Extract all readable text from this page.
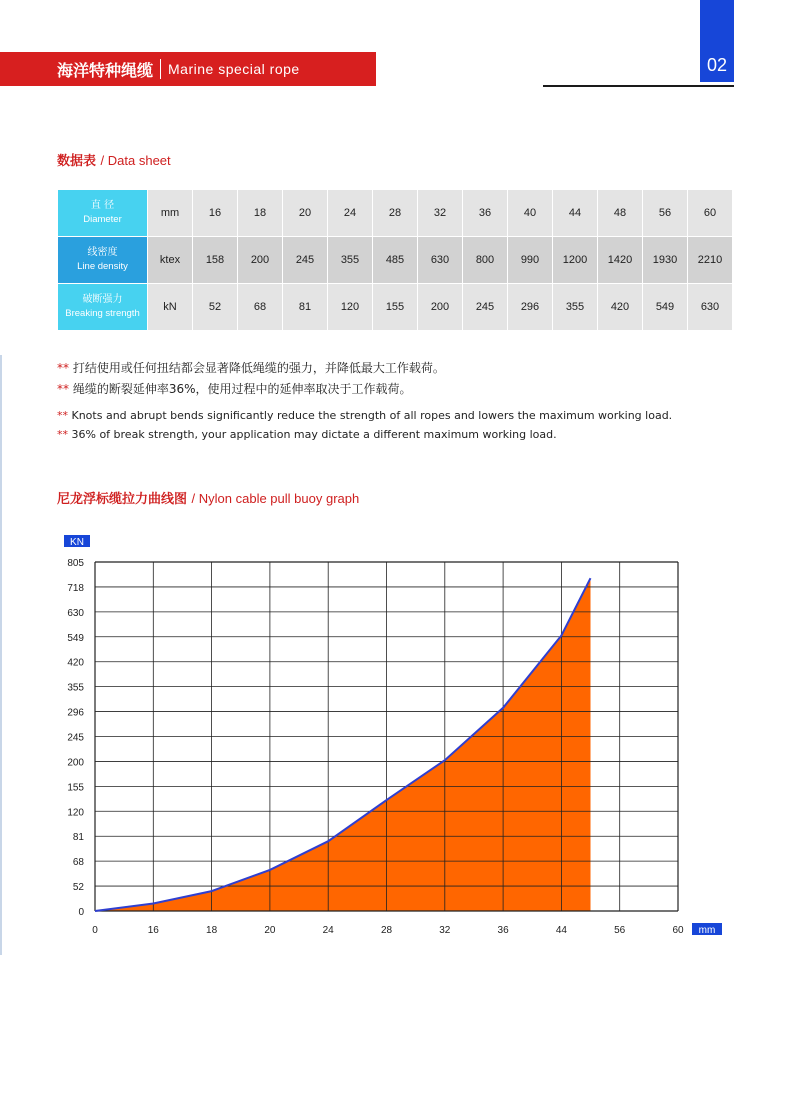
02
海洋特种绳缆 Marine special rope
数据表 / Data sheet
直 径
Diameter	mm	16	18	20	24	28	32	36	40	44	48	56	60

线密度
Line density	ktex	158	200	245	355	485	630	800	990	1200	1420	1930	2210

破断强力
Breaking strength	kN	52	68	81	120	155	200	245	296	355	420	549	630
** 打结使用或任何扭结都会显著降低绳缆的强力，并降低最大工作载荷。
** 绳缆的断裂延伸率36%，使用过程中的延伸率取决于工作载荷。
** Knots and abrupt bends significantly reduce the strength of all ropes and lowers the maximum working load.
** 36% of break strength, your application may dictate a different maximum working load.
尼龙浮标缆拉力曲线图 / Nylon cable pull buoy graph
0
52
68
81
120
155
200
245
296
355
420
549
630
718
805
0	16	18	20	24	28	32	36	44	56	60
KN
mm
